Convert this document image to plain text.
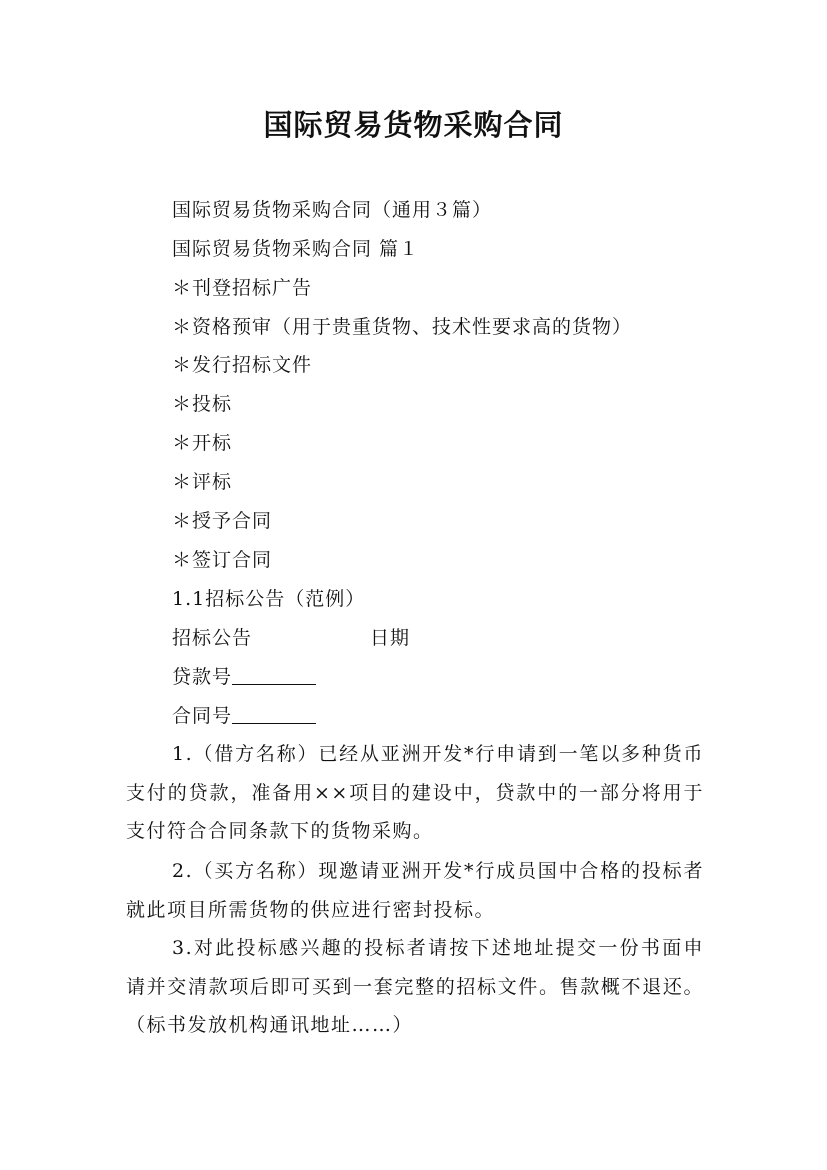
国际贸易货物采购合同
国际贸易货物采购合同（通用３篇）
国际贸易货物采购合同 篇１
＊刊登招标广告
＊资格预审（用于贵重货物、技术性要求高的货物）
＊发行招标文件
＊投标
＊开标
＊评标
＊授予合同
＊签订合同
1.1招标公告（范例）
招标公告	日期
贷款号
合同号

1.（借方名称）已经从亚洲开发*行申请到一笔以多种货币支付的贷款，准备用××项目的建设中，贷款中的一部分将用于支付符合合同条款下的货物采购。

2.（买方名称）现邀请亚洲开发*行成员国中合格的投标者就此项目所需货物的供应进行密封投标。

3.对此投标感兴趣的投标者请按下述地址提交一份书面申请并交清款项后即可买到一套完整的招标文件。售款概不退还。（标书发放机构通讯地址……）
